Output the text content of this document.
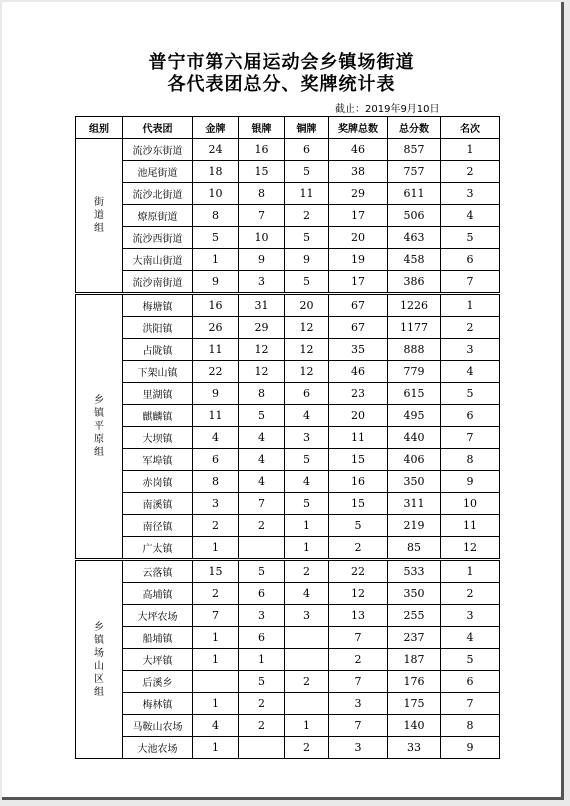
普宁市第六届运动会乡镇场街道
各代表团总分、奖牌统计表
截止：2019年9月10日
组别	代表团	金牌	银牌	铜牌	奖牌总数	总分数	名次
街道组	流沙东街道	24	16	6	46	857	1
	池尾街道	18	15	5	38	757	2
	流沙北街道	10	8	11	29	611	3
	燎原街道	8	7	2	17	506	4
	流沙西街道	5	10	5	20	463	5
	大南山街道	1	9	9	19	458	6
	流沙南街道	9	3	5	17	386	7
乡镇平原组	梅塘镇	16	31	20	67	1226	1
	洪阳镇	26	29	12	67	1177	2
	占陇镇	11	12	12	35	888	3
	下架山镇	22	12	12	46	779	4
	里湖镇	9	8	6	23	615	5
	麒麟镇	11	5	4	20	495	6
	大坝镇	4	4	3	11	440	7
	军埠镇	6	4	5	15	406	8
	赤岗镇	8	4	4	16	350	9
	南溪镇	3	7	5	15	311	10
	南径镇	2	2	1	5	219	11
	广太镇	1		1	2	85	12
乡镇场山区组	云落镇	15	5	2	22	533	1
	高埔镇	2	6	4	12	350	2
	大坪农场	7	3	3	13	255	3
	船埔镇	1	6		7	237	4
	大坪镇	1	1		2	187	5
	后溪乡		5	2	7	176	6
	梅林镇	1	2		3	175	7
	马鞍山农场	4	2	1	7	140	8
	大池农场	1		2	3	33	9
